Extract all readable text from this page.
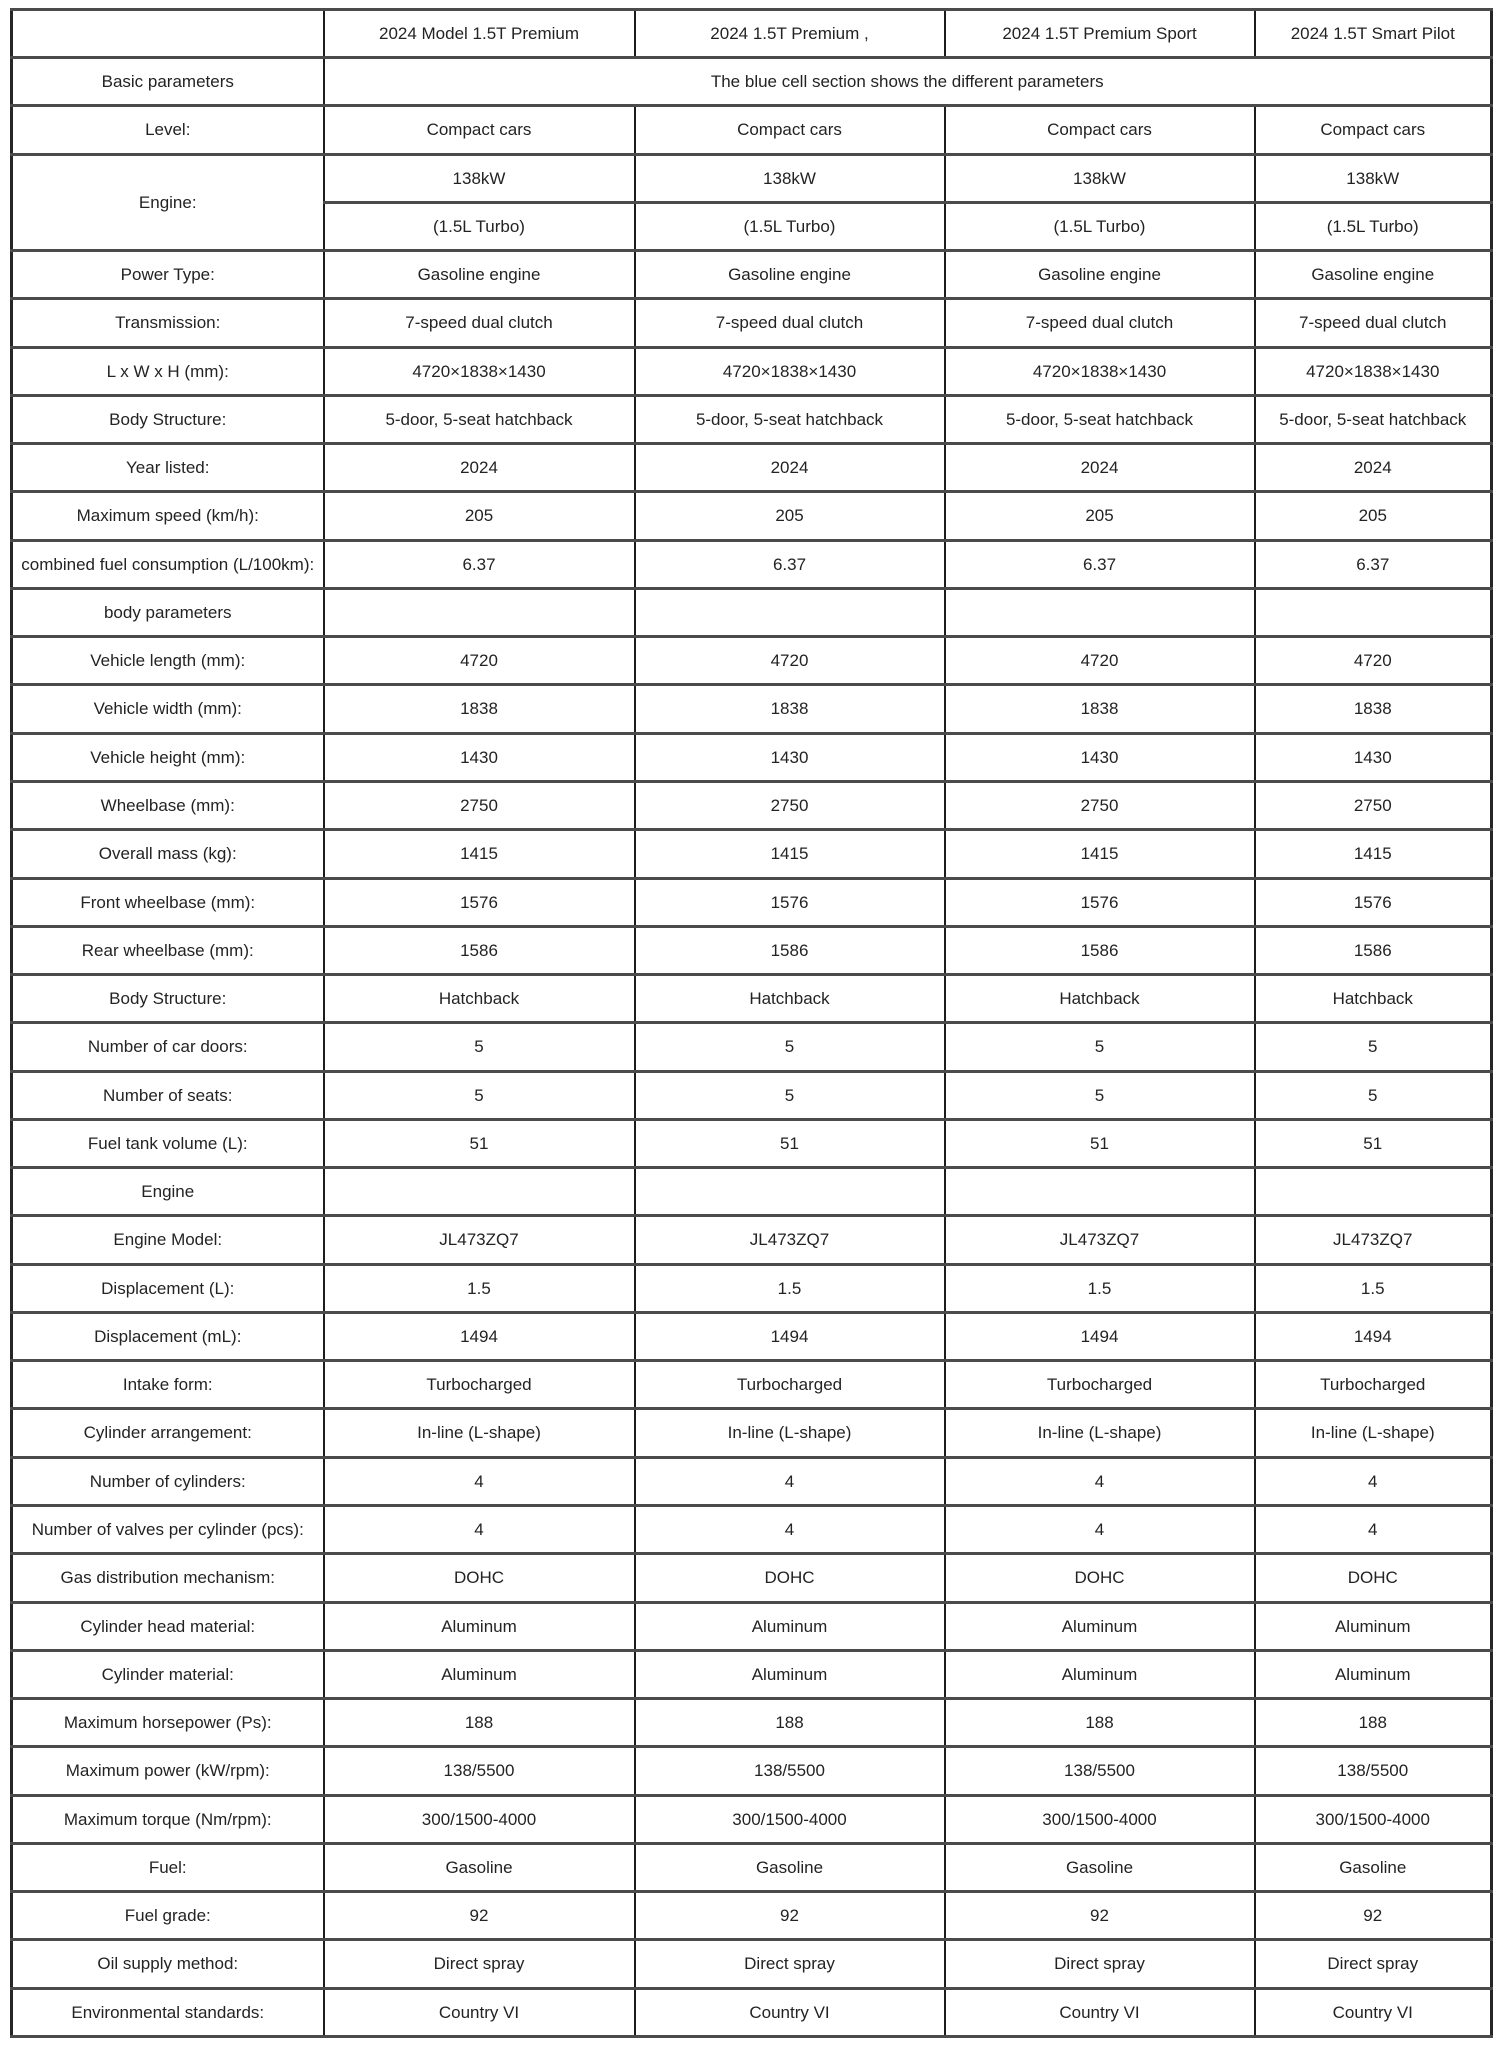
	2024 Model 1.5T Premium	2024 1.5T Premium ,	2024 1.5T Premium Sport	2024 1.5T Smart Pilot
Basic parameters	The blue cell section shows the different parameters			
Level:	Compact cars	Compact cars	Compact cars	Compact cars
Engine:	138kW	138kW	138kW	138kW
	(1.5L Turbo)	(1.5L Turbo)	(1.5L Turbo)	(1.5L Turbo)
Power Type:	Gasoline engine	Gasoline engine	Gasoline engine	Gasoline engine
Transmission:	7-speed dual clutch	7-speed dual clutch	7-speed dual clutch	7-speed dual clutch
L x W x H (mm):	4720×1838×1430	4720×1838×1430	4720×1838×1430	4720×1838×1430
Body Structure:	5-door, 5-seat hatchback	5-door, 5-seat hatchback	5-door, 5-seat hatchback	5-door, 5-seat hatchback
Year listed:	2024	2024	2024	2024
Maximum speed (km/h):	205	205	205	205
combined fuel consumption (L/100km):	6.37	6.37	6.37	6.37
body parameters				
Vehicle length (mm):	4720	4720	4720	4720
Vehicle width (mm):	1838	1838	1838	1838
Vehicle height (mm):	1430	1430	1430	1430
Wheelbase (mm):	2750	2750	2750	2750
Overall mass (kg):	1415	1415	1415	1415
Front wheelbase (mm):	1576	1576	1576	1576
Rear wheelbase (mm):	1586	1586	1586	1586
Body Structure:	Hatchback	Hatchback	Hatchback	Hatchback
Number of car doors:	5	5	5	5
Number of seats:	5	5	5	5
Fuel tank volume (L):	51	51	51	51
Engine				
Engine Model:	JL473ZQ7	JL473ZQ7	JL473ZQ7	JL473ZQ7
Displacement (L):	1.5	1.5	1.5	1.5
Displacement (mL):	1494	1494	1494	1494
Intake form:	Turbocharged	Turbocharged	Turbocharged	Turbocharged
Cylinder arrangement:	In-line (L-shape)	In-line (L-shape)	In-line (L-shape)	In-line (L-shape)
Number of cylinders:	4	4	4	4
Number of valves per cylinder (pcs):	4	4	4	4
Gas distribution mechanism:	DOHC	DOHC	DOHC	DOHC
Cylinder head material:	Aluminum	Aluminum	Aluminum	Aluminum
Cylinder material:	Aluminum	Aluminum	Aluminum	Aluminum
Maximum horsepower (Ps):	188	188	188	188
Maximum power (kW/rpm):	138/5500	138/5500	138/5500	138/5500
Maximum torque (Nm/rpm):	300/1500-4000	300/1500-4000	300/1500-4000	300/1500-4000
Fuel:	Gasoline	Gasoline	Gasoline	Gasoline
Fuel grade:	92	92	92	92
Oil supply method:	Direct spray	Direct spray	Direct spray	Direct spray
Environmental standards:	Country VI	Country VI	Country VI	Country VI
